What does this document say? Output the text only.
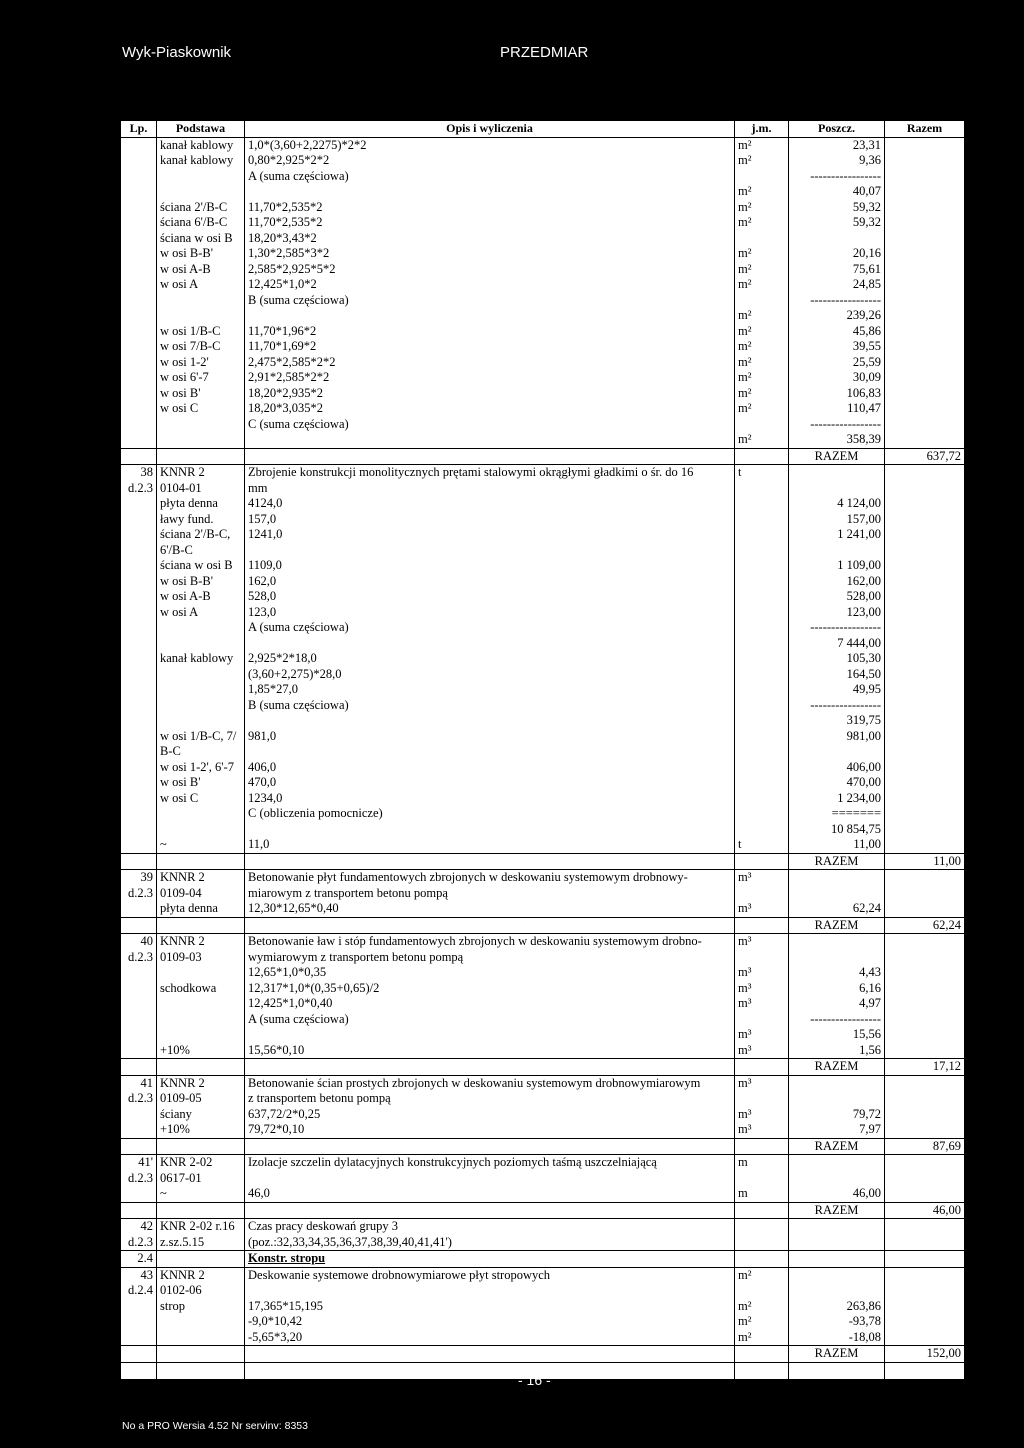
Wyk-Piaskownik	PRZEDMIAR
Lp.	Podstawa	Opis i wyliczenia	j.m.	Poszcz.	Razem
	kanał kablowy	1,0*(3,60+2,2275)*2*2	m²	23,31	
	kanał kablowy	0,80*2,925*2*2	m²	9,36	
		A (suma częściowa)		-----------------	
			m²	40,07	
	ściana 2'/B-C	11,70*2,535*2	m²	59,32	
	ściana 6'/B-C	11,70*2,535*2	m²	59,32	
	ściana w osi B	18,20*3,43*2			
	w osi B-B'	1,30*2,585*3*2	m²	20,16	
	w osi A-B	2,585*2,925*5*2	m²	75,61	
	w osi A	12,425*1,0*2	m²	24,85	
		B (suma częściowa)		-----------------	
			m²	239,26	
	w osi 1/B-C	11,70*1,96*2	m²	45,86	
	w osi 7/B-C	11,70*1,69*2	m²	39,55	
	w osi 1-2'	2,475*2,585*2*2	m²	25,59	
	w osi 6'-7	2,91*2,585*2*2	m²	30,09	
	w osi B'	18,20*2,935*2	m²	106,83	
	w osi C	18,20*3,035*2	m²	110,47	
		C (suma częściowa)		-----------------	
			m²	358,39	
				RAZEM	637,72
38	KNNR 2	Zbrojenie konstrukcji monolitycznych prętami stalowymi okrągłymi gładkimi o śr. do 16	t		
d.2.3	0104-01	mm			
	płyta denna	4124,0		4 124,00	
	ławy fund.	157,0		157,00	
	ściana 2'/B-C,	1241,0		1 241,00	
	6'/B-C				
	ściana w osi B	1109,0		1 109,00	
	w osi B-B'	162,0		162,00	
	w osi A-B	528,0		528,00	
	w osi A	123,0		123,00	
		A (suma częściowa)		-----------------	
				7 444,00	
	kanał kablowy	2,925*2*18,0		105,30	
		(3,60+2,275)*28,0		164,50	
		1,85*27,0		49,95	
		B (suma częściowa)		-----------------	
				319,75	
	w osi 1/B-C, 7/	981,0		981,00	
	B-C				
	w osi 1-2', 6'-7	406,0		406,00	
	w osi B'	470,0		470,00	
	w osi C	1234,0		1 234,00	
		C (obliczenia pomocnicze)		=======	
				10 854,75	
	~	11,0	t	11,00	
				RAZEM	11,00
39	KNNR 2	Betonowanie płyt fundamentowych zbrojonych w deskowaniu systemowym drobnowy-	m³		
d.2.3	0109-04	miarowym z transportem betonu pompą			
	płyta denna	12,30*12,65*0,40	m³	62,24	
				RAZEM	62,24
40	KNNR 2	Betonowanie ław i stóp fundamentowych zbrojonych w deskowaniu systemowym drobno-	m³		
d.2.3	0109-03	wymiarowym z transportem betonu pompą			
		12,65*1,0*0,35	m³	4,43	
	schodkowa	12,317*1,0*(0,35+0,65)/2	m³	6,16	
		12,425*1,0*0,40	m³	4,97	
		A (suma częściowa)		-----------------	
			m³	15,56	
	+10%	15,56*0,10	m³	1,56	
				RAZEM	17,12
41	KNNR 2	Betonowanie ścian prostych zbrojonych w deskowaniu systemowym drobnowymiarowym	m³		
d.2.3	0109-05	z transportem betonu pompą			
	ściany	637,72/2*0,25	m³	79,72	
	+10%	79,72*0,10	m³	7,97	
				RAZEM	87,69
41'	KNR 2-02	Izolacje szczelin dylatacyjnych konstrukcyjnych poziomych taśmą uszczelniającą	m		
d.2.3	0617-01				
	~	46,0	m	46,00	
				RAZEM	46,00
42	KNR 2-02 r.16	Czas pracy deskowań grupy 3			
d.2.3	z.sz.5.15	(poz.:32,33,34,35,36,37,38,39,40,41,41')			
2.4		Konstr. stropu			
43	KNNR 2	Deskowanie systemowe drobnowymiarowe płyt stropowych	m²		
d.2.4	0102-06				
	strop	17,365*15,195	m²	263,86	
		-9,0*10,42	m²	-93,78	
		-5,65*3,20	m²	-18,08	
				RAZEM	152,00

- 16 -
No a PRO Wersia 4.52 Nr servinv: 8353
